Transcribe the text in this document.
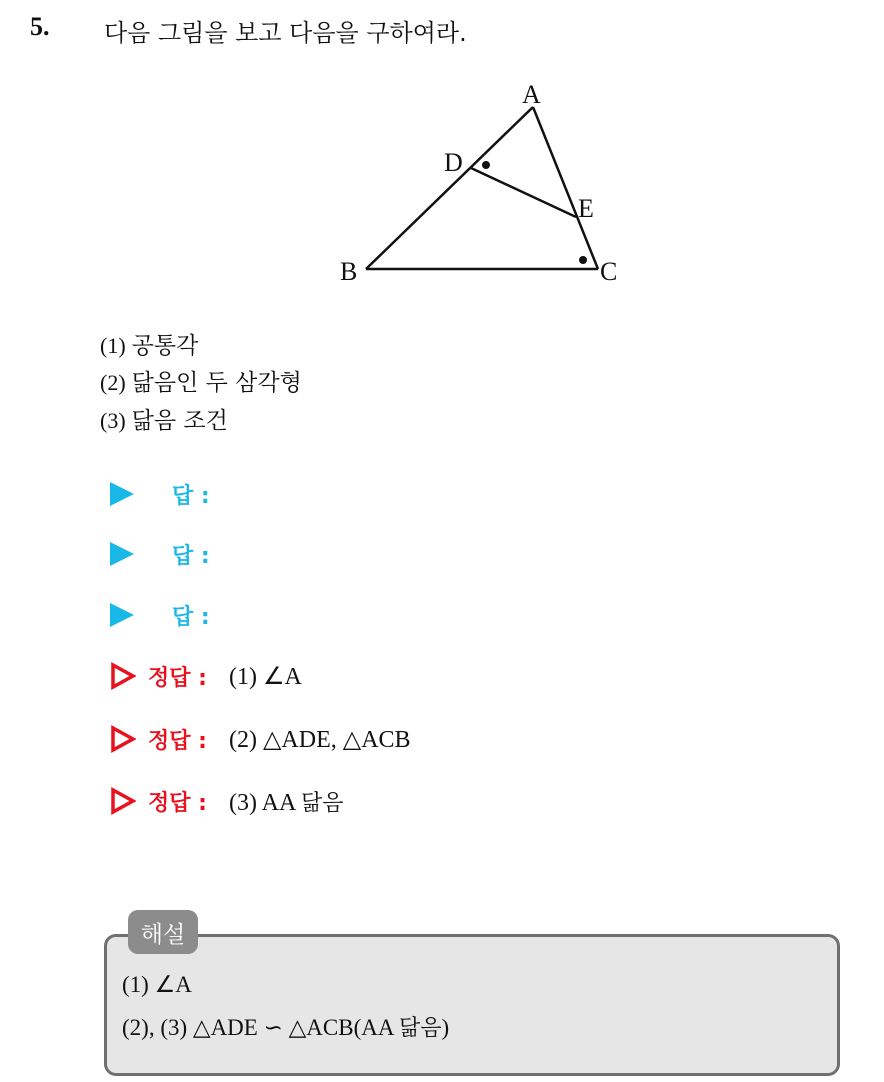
5. 다음 그림을 보고 다음을 구하여라.
A
D
E
B	C
(1) 공통각
(2) 닮음인 두 삼각형
(3) 닮음 조건
답 :
답 :
답 :
정답 : (1) ∠A
정답 : (2) △ADE, △ACB
정답 : (3) AA 닮음
해설
(1) ∠A
(2), (3) △ADE ∽ △ACB(AA 닮음)
